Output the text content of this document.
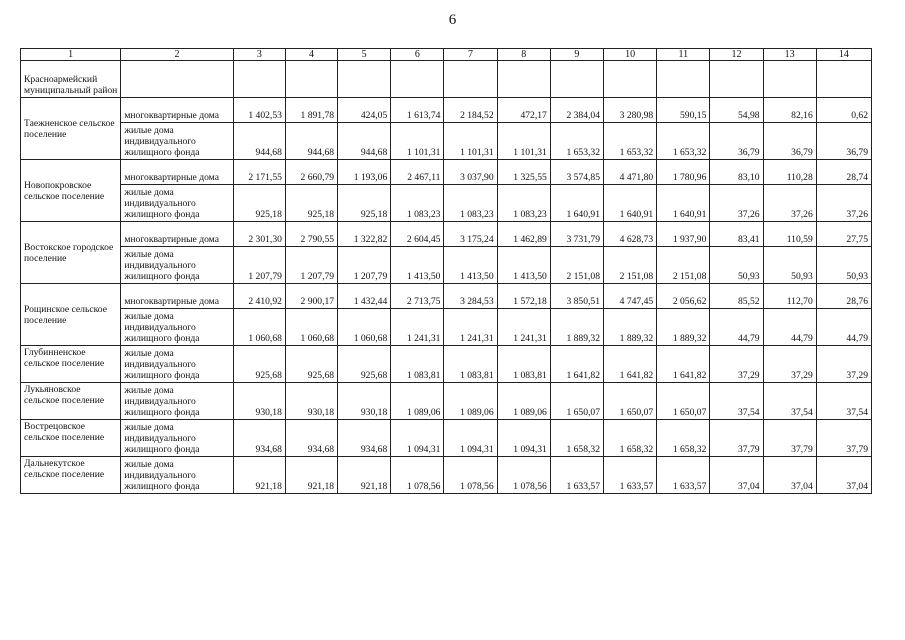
6
1	2	3	4	5	6	7	8	9	10	11	12	13	14
Красноармейский муниципальный район													
Таежненское сельское поселение	многоквартирные дома	1 402,53	1 891,78	424,05	1 613,74	2 184,52	472,17	2 384,04	3 280,98	590,15	54,98	82,16	0,62
	жилые дома индивидуального жилищного фонда	944,68	944,68	944,68	1 101,31	1 101,31	1 101,31	1 653,32	1 653,32	1 653,32	36,79	36,79	36,79
Новопокровское сельское поселение	многоквартирные дома	2 171,55	2 660,79	1 193,06	2 467,11	3 037,90	1 325,55	3 574,85	4 471,80	1 780,96	83,10	110,28	28,74
	жилые дома индивидуального жилищного фонда	925,18	925,18	925,18	1 083,23	1 083,23	1 083,23	1 640,91	1 640,91	1 640,91	37,26	37,26	37,26
Востокское городское поселение	многоквартирные дома	2 301,30	2 790,55	1 322,82	2 604,45	3 175,24	1 462,89	3 731,79	4 628,73	1 937,90	83,41	110,59	27,75
	жилые дома индивидуального жилищного фонда	1 207,79	1 207,79	1 207,79	1 413,50	1 413,50	1 413,50	2 151,08	2 151,08	2 151,08	50,93	50,93	50,93
Рощинское сельское поселение	многоквартирные дома	2 410,92	2 900,17	1 432,44	2 713,75	3 284,53	1 572,18	3 850,51	4 747,45	2 056,62	85,52	112,70	28,76
	жилые дома индивидуального жилищного фонда	1 060,68	1 060,68	1 060,68	1 241,31	1 241,31	1 241,31	1 889,32	1 889,32	1 889,32	44,79	44,79	44,79
Глубинненское сельское поселение	жилые дома индивидуального жилищного фонда	925,68	925,68	925,68	1 083,81	1 083,81	1 083,81	1 641,82	1 641,82	1 641,82	37,29	37,29	37,29
Лукьяновское сельское поселение	жилые дома индивидуального жилищного фонда	930,18	930,18	930,18	1 089,06	1 089,06	1 089,06	1 650,07	1 650,07	1 650,07	37,54	37,54	37,54
Вострецовское сельское поселение	жилые дома индивидуального жилищного фонда	934,68	934,68	934,68	1 094,31	1 094,31	1 094,31	1 658,32	1 658,32	1 658,32	37,79	37,79	37,79
Дальнекутское сельское поселение	жилые дома индивидуального жилищного фонда	921,18	921,18	921,18	1 078,56	1 078,56	1 078,56	1 633,57	1 633,57	1 633,57	37,04	37,04	37,04
